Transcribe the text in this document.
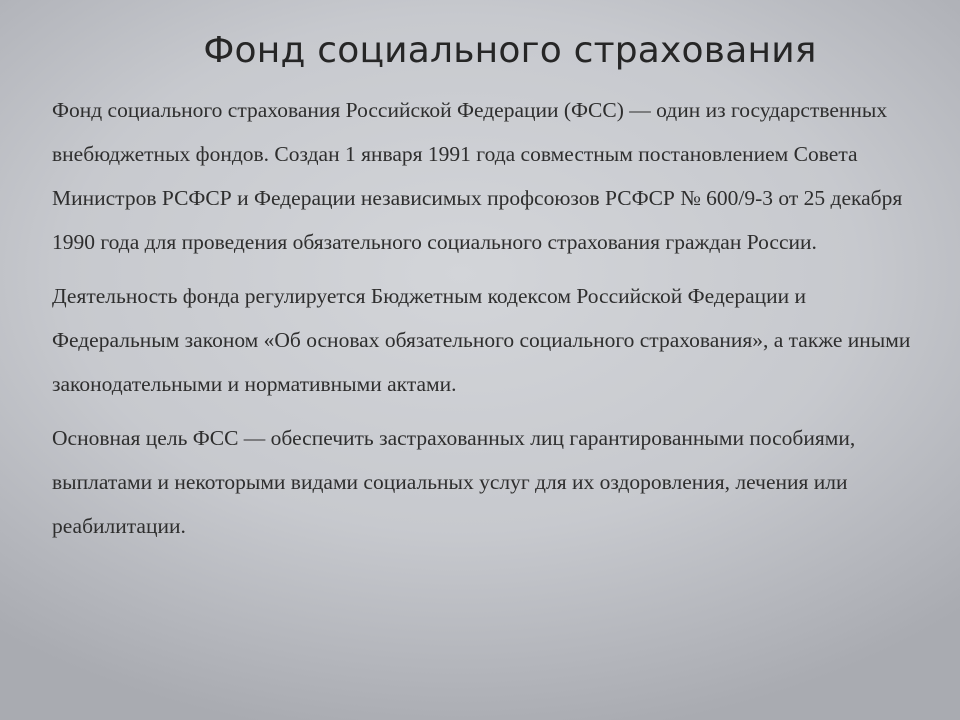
Фонд социального страхования

Фонд социального страхования Российской Федерации (ФСС) — один из государственных внебюджетных фондов. Создан 1 января 1991 года совместным постановлением Совета Министров РСФСР и Федерации независимых профсоюзов РСФСР № 600/9-3 от 25 декабря 1990 года для проведения обязательного социального страхования граждан России.

Деятельность фонда регулируется Бюджетным кодексом Российской Федерации и Федеральным законом «Об основах обязательного социального страхования», а также иными законодательными и нормативными актами.

Основная цель ФСС — обеспечить застрахованных лиц гарантированными пособиями, выплатами и некоторыми видами социальных услуг для их оздоровления, лечения или реабилитации.
